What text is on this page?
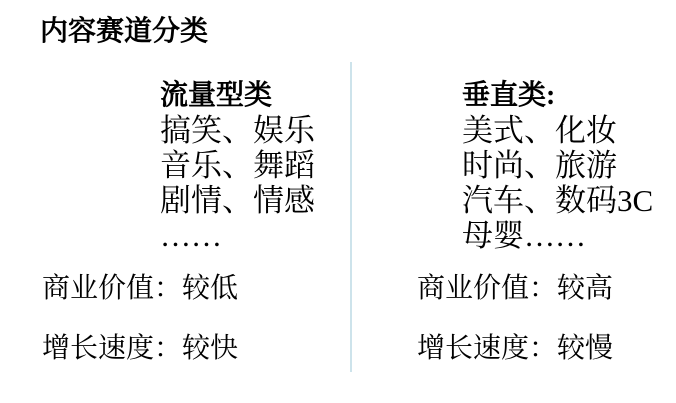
内容赛道分类
流量型类
搞笑、娱乐
音乐、舞蹈
剧情、情感
……
垂直类:
美式、化妆
时尚、旅游
汽车、数码3C
母婴……

商业价值：较低

增长速度：较快

商业价值：较高

增长速度：较慢
